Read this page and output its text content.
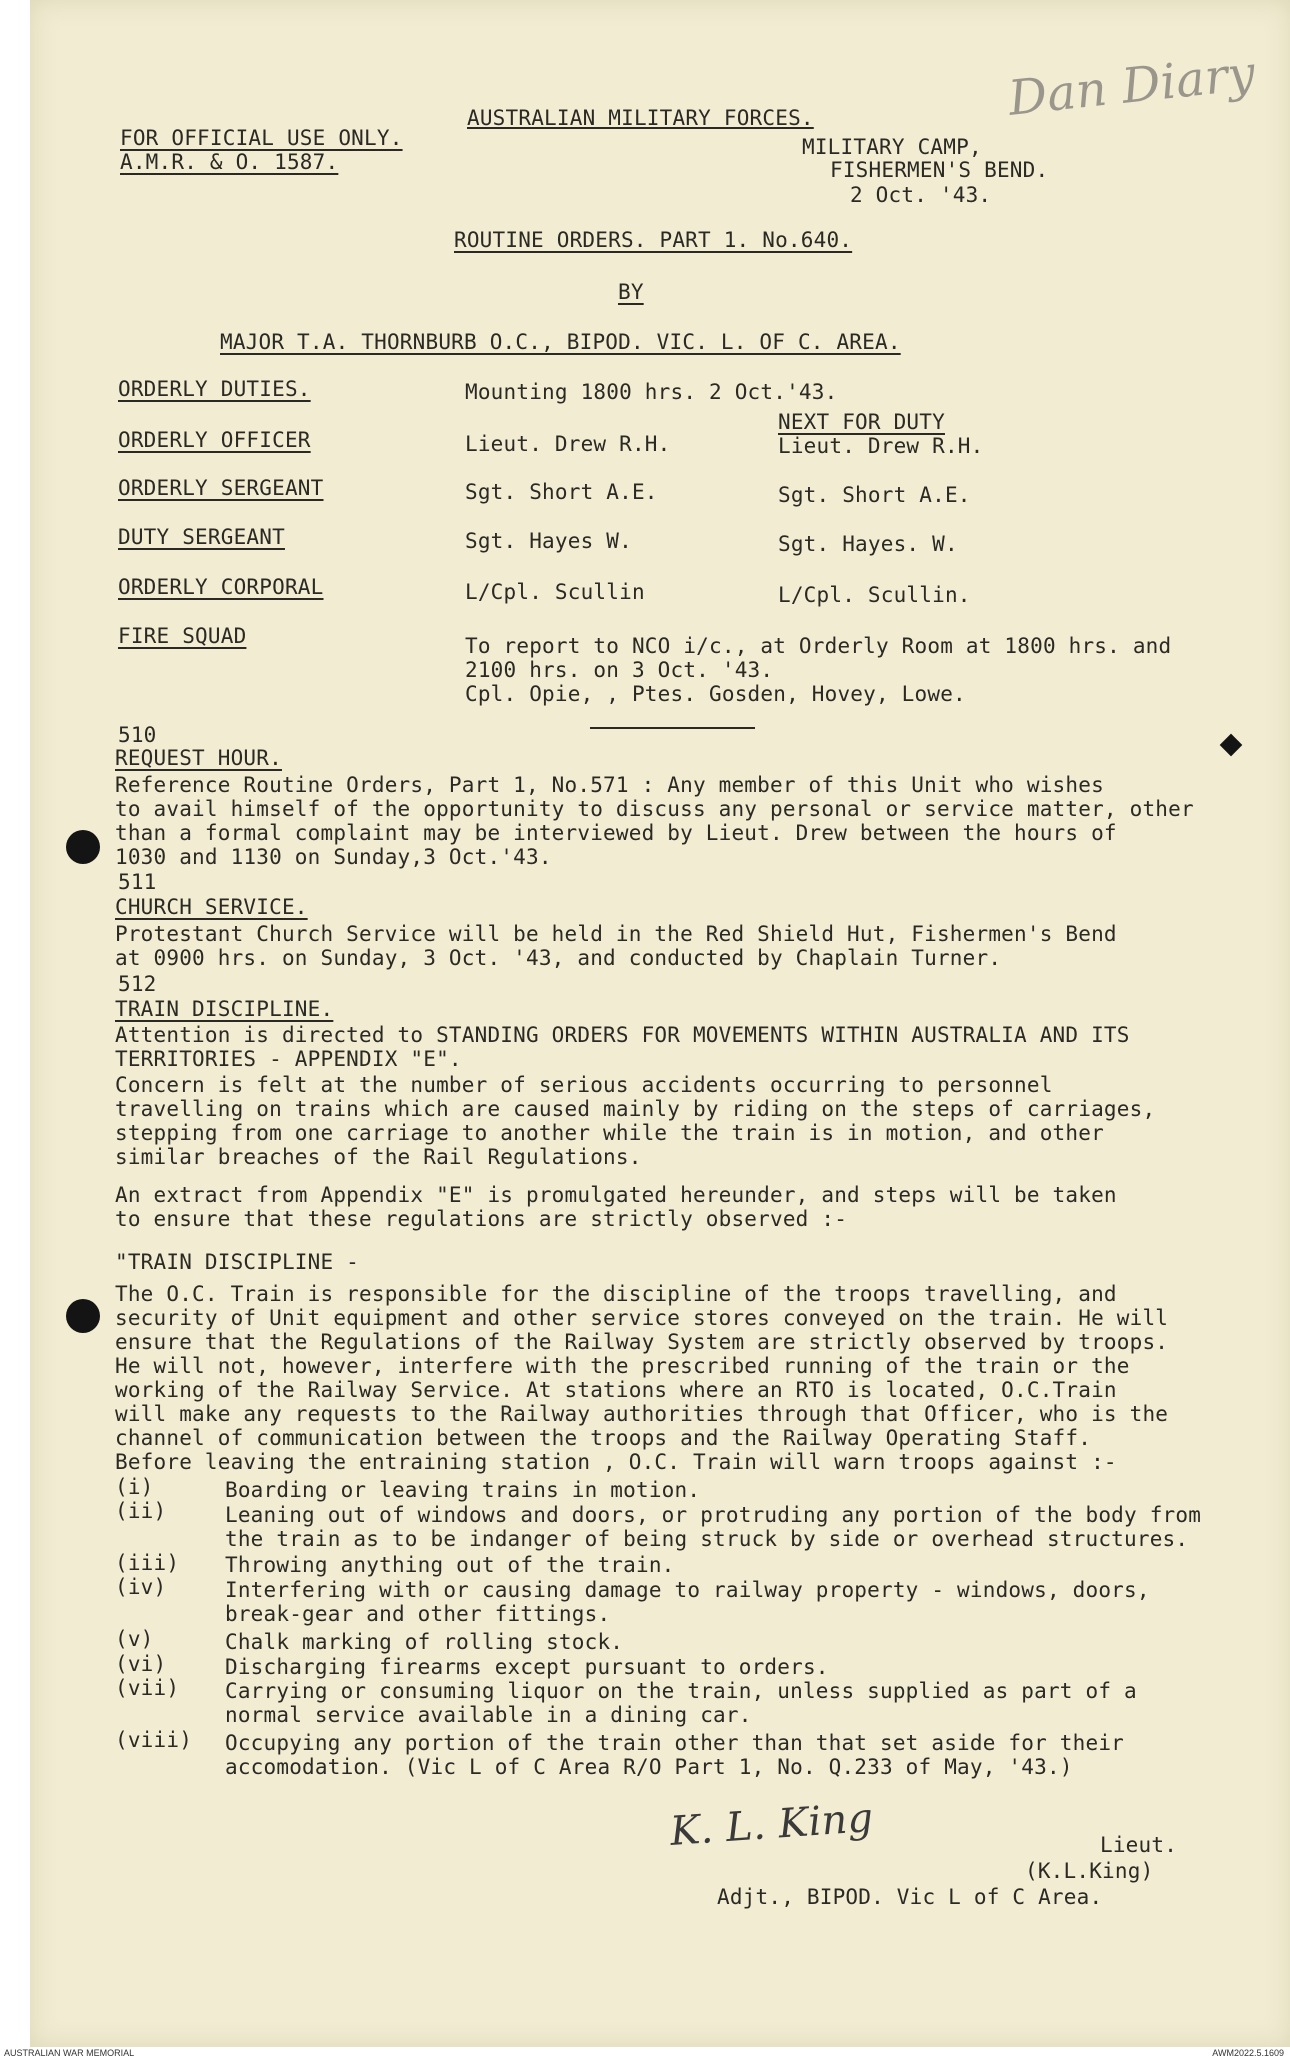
Dan Diary
AUSTRALIAN MILITARY FORCES.
FOR OFFICIAL USE ONLY.
A.M.R. & O. 1587.
MILITARY CAMP,
FISHERMEN'S BEND.
2 Oct. '43.
ROUTINE ORDERS. PART 1. No.640.
BY
MAJOR T.A. THORNBURB O.C., BIPOD. VIC. L. OF C. AREA.
ORDERLY DUTIES.	Mounting 1800 hrs. 2 Oct.'43.
NEXT FOR DUTY
ORDERLY OFFICER	Lieut. Drew R.H.	Lieut. Drew R.H.
ORDERLY SERGEANT	Sgt. Short A.E.	Sgt. Short A.E.
DUTY SERGEANT	Sgt. Hayes W.	Sgt. Hayes. W.
ORDERLY CORPORAL	L/Cpl. Scullin	L/Cpl. Scullin.
FIRE SQUAD	To report to NCO i/c., at Orderly Room at 1800 hrs. and
2100 hrs. on 3 Oct. '43.
Cpl. Opie, , Ptes. Gosden, Hovey, Lowe.
510
REQUEST HOUR.
Reference Routine Orders, Part 1, No.571 : Any member of this Unit who wishes
to avail himself of the opportunity to discuss any personal or service matter, other
than a formal complaint may be interviewed by Lieut. Drew between the hours of
1030 and 1130 on Sunday,3 Oct.'43.
511
CHURCH SERVICE.
Protestant Church Service will be held in the Red Shield Hut, Fishermen's Bend
at 0900 hrs. on Sunday, 3 Oct. '43, and conducted by Chaplain Turner.
512
TRAIN DISCIPLINE.
Attention is directed to STANDING ORDERS FOR MOVEMENTS WITHIN AUSTRALIA AND ITS
TERRITORIES - APPENDIX "E".
Concern is felt at the number of serious accidents occurring to personnel
travelling on trains which are caused mainly by riding on the steps of carriages,
stepping from one carriage to another while the train is in motion, and other
similar breaches of the Rail Regulations.
An extract from Appendix "E" is promulgated hereunder, and steps will be taken
to ensure that these regulations are strictly observed :-
"TRAIN DISCIPLINE -
The O.C. Train is responsible for the discipline of the troops travelling, and
security of Unit equipment and other service stores conveyed on the train. He will
ensure that the Regulations of the Railway System are strictly observed by troops.
He will not, however, interfere with the prescribed running of the train or the
working of the Railway Service. At stations where an RTO is located, O.C.Train
will make any requests to the Railway authorities through that Officer, who is the
channel of communication between the troops and the Railway Operating Staff.
Before leaving the entraining station , O.C. Train will warn troops against :-
(i)	Boarding or leaving trains in motion.
(ii)	Leaning out of windows and doors, or protruding any portion of the body from
the train as to be indanger of being struck by side or overhead structures.
(iii) Throwing anything out of the train.
(iv)	Interfering with or causing damage to railway property - windows, doors,
break-gear and other fittings.
(v)	Chalk marking of rolling stock.
(vi)	Discharging firearms except pursuant to orders.
(vii) Carrying or consuming liquor on the train, unless supplied as part of a
normal service available in a dining car.
(viii) Occupying any portion of the train other than that set aside for their
accomodation. (Vic L of C Area R/O Part 1, No. Q.233 of May, '43.)
K. L. King	Lieut.
(K.L.King)
Adjt., BIPOD. Vic L of C Area.
AUSTRALIAN WAR MEMORIAL	AWM2022.5.1609
